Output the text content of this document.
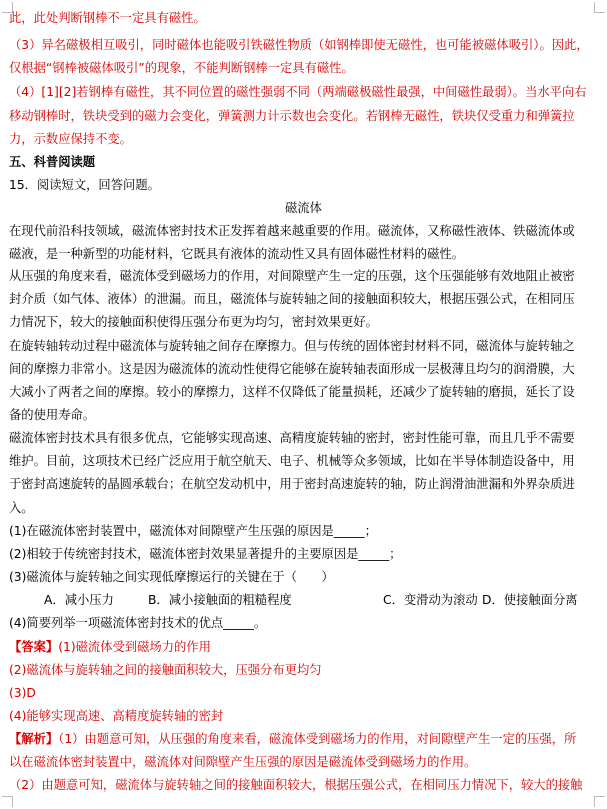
此，此处判断钢棒不一定具有磁性。
（3）异名磁极相互吸引，同时磁体也能吸引铁磁性物质（如钢棒即使无磁性，也可能被磁体吸引）。因此，
仅根据“钢棒被磁体吸引”的现象，不能判断钢棒一定具有磁性。
（4）[1][2]若钢棒有磁性，其不同位置的磁性强弱不同（两端磁极磁性最强，中间磁性最弱）。当水平向右
移动钢棒时，铁块受到的磁力会变化，弹簧测力计示数也会变化。若钢棒无磁性，铁块仅受重力和弹簧拉
力，示数应保持不变。
五、科普阅读题
15．阅读短文，回答问题。
磁流体
在现代前沿科技领域，磁流体密封技术正发挥着越来越重要的作用。磁流体，又称磁性液体、铁磁流体或
磁液，是一种新型的功能材料，它既具有液体的流动性又具有固体磁性材料的磁性。
从压强的角度来看，磁流体受到磁场力的作用，对间隙壁产生一定的压强，这个压强能够有效地阻止被密
封介质（如气体、液体）的泄漏。而且，磁流体与旋转轴之间的接触面积较大，根据压强公式，在相同压
力情况下，较大的接触面积使得压强分布更为均匀，密封效果更好。
在旋转轴转动过程中磁流体与旋转轴之间存在摩擦力。但与传统的固体密封材料不同，磁流体与旋转轴之
间的摩擦力非常小。这是因为磁流体的流动性使得它能够在旋转轴表面形成一层极薄且均匀的润滑膜，大
大减小了两者之间的摩擦。较小的摩擦力，这样不仅降低了能量损耗，还减少了旋转轴的磨损，延长了设
备的使用寿命。
磁流体密封技术具有很多优点，它能够实现高速、高精度旋转轴的密封，密封性能可靠，而且几乎不需要
维护。目前，这项技术已经广泛应用于航空航天、电子、机械等众多领域，比如在半导体制造设备中，用
于密封高速旋转的晶圆承载台；在航空发动机中，用于密封高速旋转的轴，防止润滑油泄漏和外界杂质进
入。
(1)在磁流体密封装置中，磁流体对间隙壁产生压强的原因是_____；
(2)相较于传统密封技术，磁流体密封效果显著提升的主要原因是_____；
(3)磁流体与旋转轴之间实现低摩擦运行的关键在于（　　）
A．减小压力	B．减小接触面的粗糙程度	C．变滑动为滚动 D．使接触面分离
(4)简要列举一项磁流体密封技术的优点_____。
【答案】(1)磁流体受到磁场力的作用
(2)磁流体与旋转轴之间的接触面积较大，压强分布更均匀
(3)D
(4)能够实现高速、高精度旋转轴的密封
【解析】（1）由题意可知，从压强的角度来看，磁流体受到磁场力的作用，对间隙壁产生一定的压强，所
以在磁流体密封装置中，磁流体对间隙壁产生压强的原因是磁流体受到磁场力的作用。
（2）由题意可知，磁流体与旋转轴之间的接触面积较大，根据压强公式，在相同压力情况下，较大的接触
